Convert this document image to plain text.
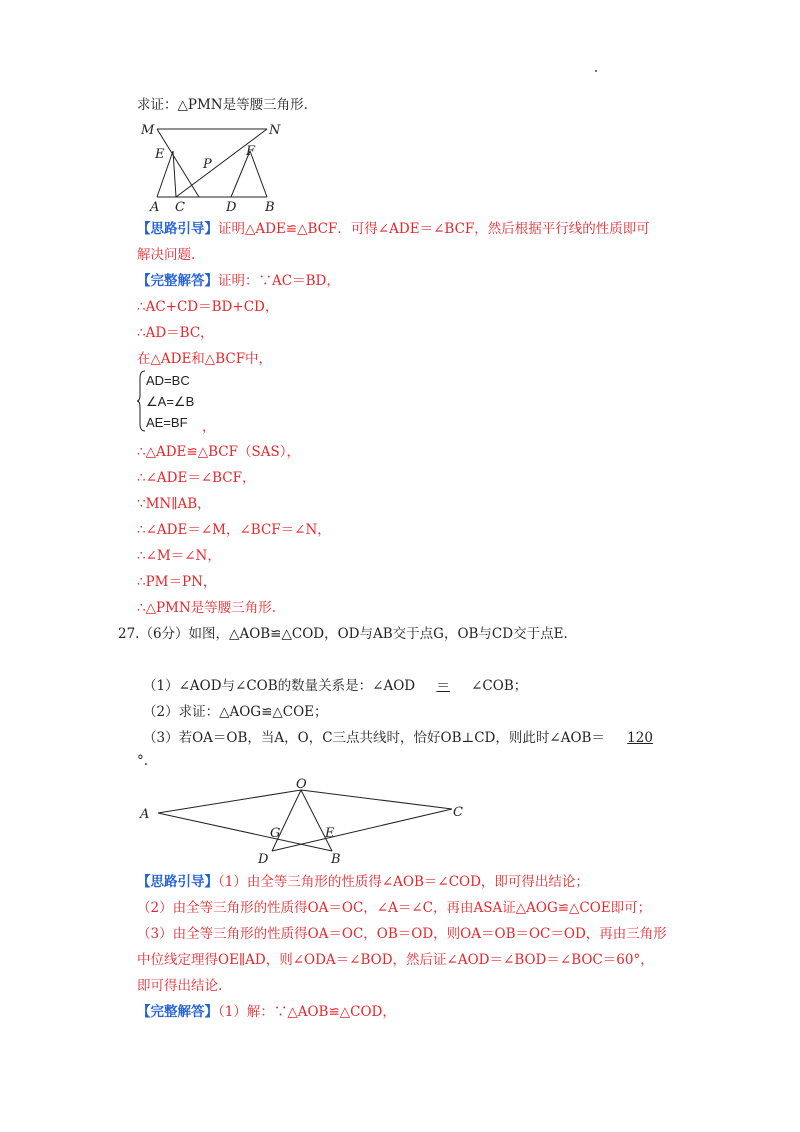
求证：△PMN是等腰三角形.
M	N
E
P
F
A C	D B
【思路引导】证明△ADE≌△BCF．可得∠ADE＝∠BCF，然后根据平行线的性质即可
解决问题.
【完整解答】证明：∵AC＝BD，
∴AC+CD＝BD+CD，
∴AD＝BC，
在△ADE和△BCF中，
AD=BC
∠A=∠B
AE=BF ，
∴△ADE≌△BCF（SAS），
∴∠ADE＝∠BCF，
∵MN∥AB，
∴∠ADE＝∠M，∠BCF＝∠N，
∴∠M＝∠N，
∴PM＝PN，
∴△PMN是等腰三角形.
27.（6分）如图，△AOB≌△COD，OD与AB交于点G，OB与CD交于点E.
（1）∠AOD与∠COB的数量关系是：∠AOD ＝ ∠COB；
（2）求证：△AOG≌△COE；
（3）若OA＝OB，当A，O，C三点共线时，恰好OB⊥CD，则此时∠AOB＝ 120
°.
O
A	C
G	E
D	B
【思路引导】（1）由全等三角形的性质得∠AOB＝∠COD，即可得出结论；
（2）由全等三角形的性质得OA＝OC，∠A＝∠C，再由ASA证△AOG≌△COE即可；
（3）由全等三角形的性质得OA＝OC，OB＝OD，则OA＝OB＝OC＝OD，再由三角形
中位线定理得OE∥AD，则∠ODA＝∠BOD，然后证∠AOD＝∠BOD＝∠BOC＝60°，
即可得出结论.
【完整解答】（1）解：∵△AOB≌△COD，
